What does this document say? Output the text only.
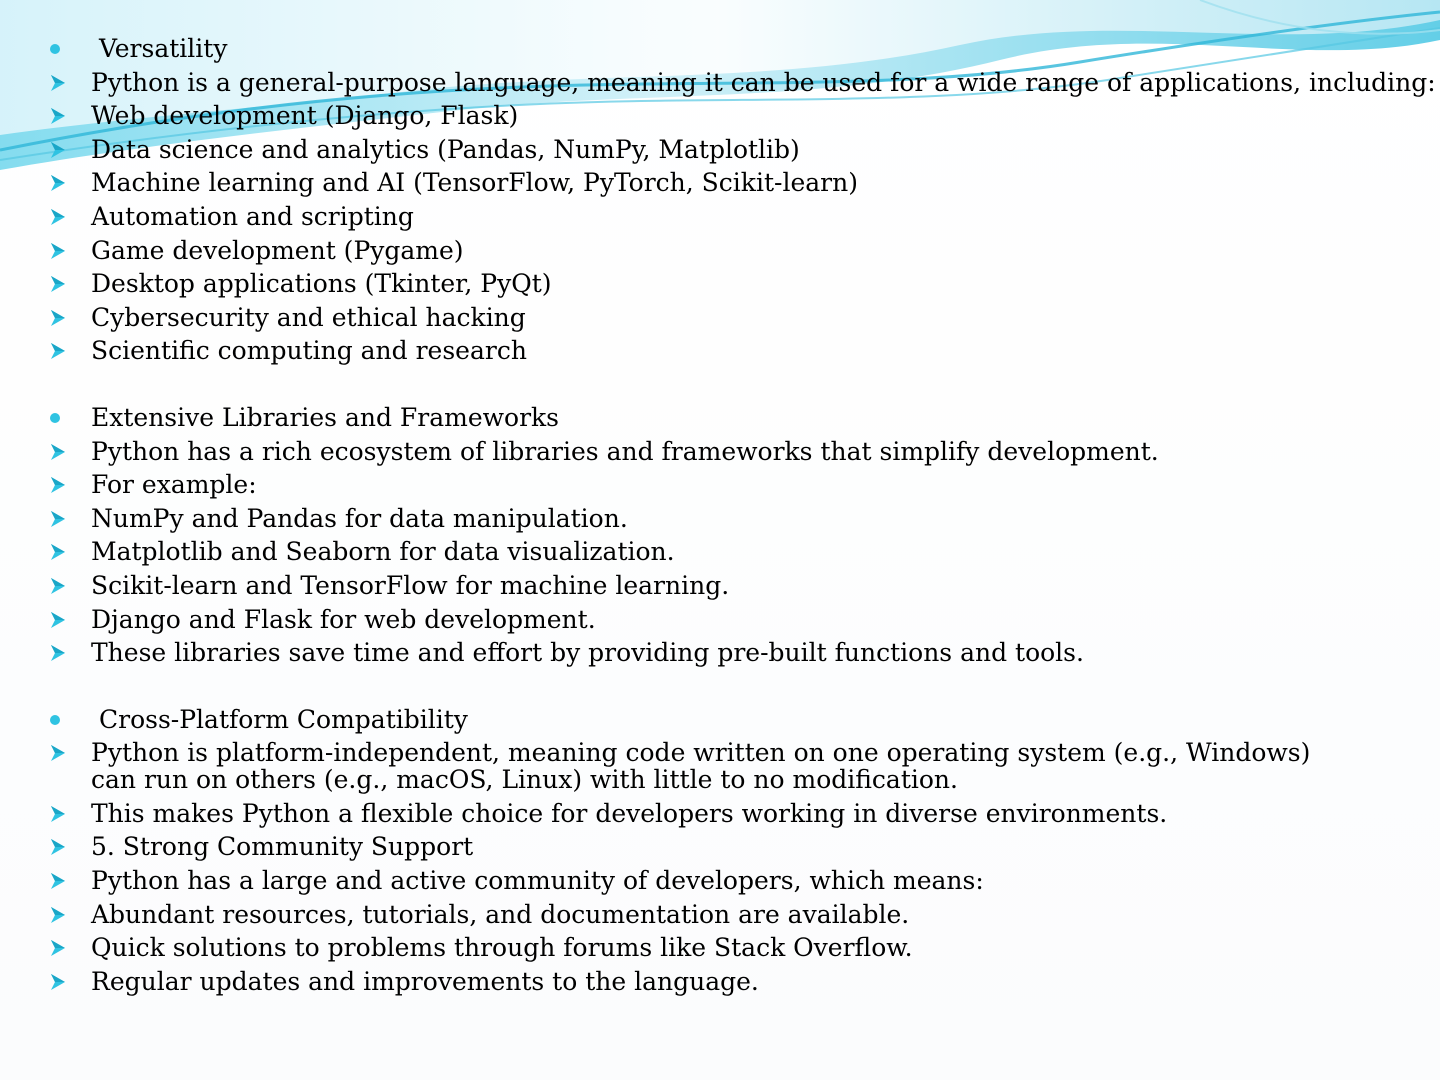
Versatility
Python is a general-purpose language, meaning it can be used for a wide range of applications, including:
Web development (Django, Flask)
Data science and analytics (Pandas, NumPy, Matplotlib)
Machine learning and AI (TensorFlow, PyTorch, Scikit-learn)
Automation and scripting
Game development (Pygame)
Desktop applications (Tkinter, PyQt)
Cybersecurity and ethical hacking
Scientific computing and research
Extensive Libraries and Frameworks
Python has a rich ecosystem of libraries and frameworks that simplify development.
For example:
NumPy and Pandas for data manipulation.
Matplotlib and Seaborn for data visualization.
Scikit-learn and TensorFlow for machine learning.
Django and Flask for web development.
These libraries save time and effort by providing pre-built functions and tools.
Cross-Platform Compatibility
Python is platform-independent, meaning code written on one operating system (e.g., Windows) can run on others (e.g., macOS, Linux) with little to no modification.
This makes Python a flexible choice for developers working in diverse environments.
5. Strong Community Support
Python has a large and active community of developers, which means:
Abundant resources, tutorials, and documentation are available.
Quick solutions to problems through forums like Stack Overflow.
Regular updates and improvements to the language.
